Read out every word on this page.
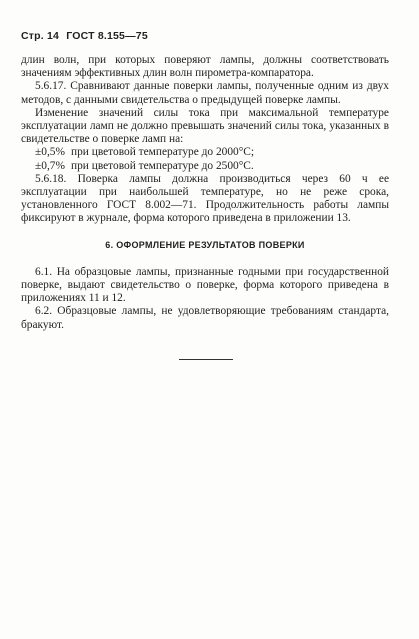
Стр. 14 ГОСТ 8.155—75

длин волн, при которых поверяют лампы, должны соответствовать значениям эффективных длин волн пирометра-компаратора.

5.6.17. Сравнивают данные поверки лампы, полученные одним из двух методов, с данными свидетельства о предыдущей поверке лампы.

Изменение значений силы тока при максимальной температуре эксплуатации ламп не должно превышать значений силы тока, указанных в свидетельстве о поверке ламп на:

±0,5% при цветовой температуре до 2000°C;
±0,7% при цветовой температуре до 2500°C.

5.6.18. Поверка лампы должна производиться через 60 ч ее эксплуатации при наибольшей температуре, но не реже срока, установленного ГОСТ 8.002—71. Продолжительность работы лампы фиксируют в журнале, форма которого приведена в приложении 13.

6. ОФОРМЛЕНИЕ РЕЗУЛЬТАТОВ ПОВЕРКИ

6.1. На образцовые лампы, признанные годными при государственной поверке, выдают свидетельство о поверке, форма которого приведена в приложениях 11 и 12.

6.2. Образцовые лампы, не удовлетворяющие требованиям стандарта, бракуют.
